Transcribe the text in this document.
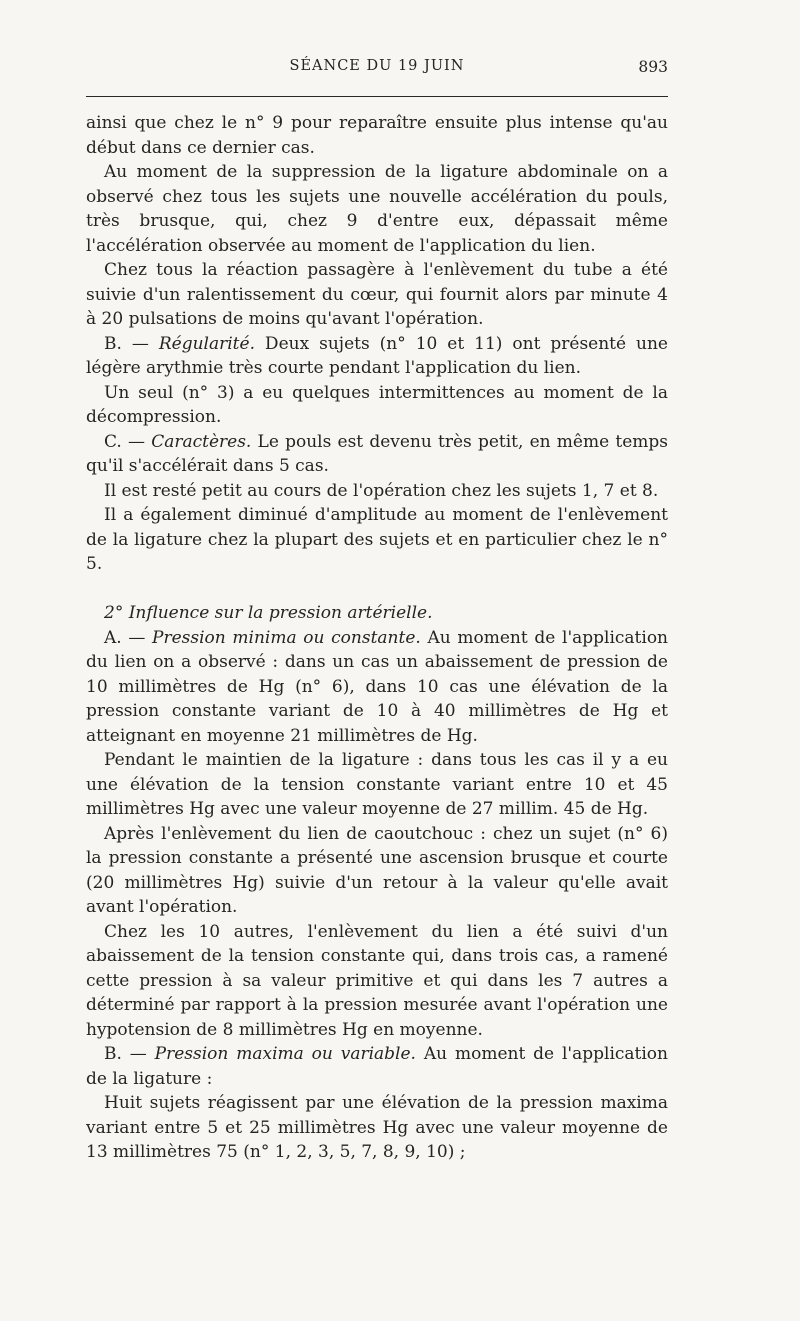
SÉANCE DU 19 JUIN	893

ainsi que chez le n° 9 pour reparaître ensuite plus intense qu'au début dans ce dernier cas.

Au moment de la suppression de la ligature abdominale on a observé chez tous les sujets une nouvelle accélération du pouls, très brusque, qui, chez 9 d'entre eux, dépassait même l'accélération observée au moment de l'application du lien.

Chez tous la réaction passagère à l'enlèvement du tube a été suivie d'un ralentissement du cœur, qui fournit alors par minute 4 à 20 pulsations de moins qu'avant l'opération.

B. — Régularité. Deux sujets (n° 10 et 11) ont présenté une légère arythmie très courte pendant l'application du lien.

Un seul (n° 3) a eu quelques intermittences au moment de la décompression.

C. — Caractères. Le pouls est devenu très petit, en même temps qu'il s'accélérait dans 5 cas.

Il est resté petit au cours de l'opération chez les sujets 1, 7 et 8.

Il a également diminué d'amplitude au moment de l'enlèvement de la ligature chez la plupart des sujets et en particulier chez le n° 5.

2° Influence sur la pression artérielle.

A. — Pression minima ou constante. Au moment de l'application du lien on a observé : dans un cas un abaissement de pression de 10 millimètres de Hg (n° 6), dans 10 cas une élévation de la pression constante variant de 10 à 40 millimètres de Hg et atteignant en moyenne 21 millimètres de Hg.

Pendant le maintien de la ligature : dans tous les cas il y a eu une élévation de la tension constante variant entre 10 et 45 millimètres Hg avec une valeur moyenne de 27 millim. 45 de Hg.

Après l'enlèvement du lien de caoutchouc : chez un sujet (n° 6) la pression constante a présenté une ascension brusque et courte (20 millimètres Hg) suivie d'un retour à la valeur qu'elle avait avant l'opération.

Chez les 10 autres, l'enlèvement du lien a été suivi d'un abaissement de la tension constante qui, dans trois cas, a ramené cette pression à sa valeur primitive et qui dans les 7 autres a déterminé par rapport à la pression mesurée avant l'opération une hypotension de 8 millimètres Hg en moyenne.

B. — Pression maxima ou variable. Au moment de l'application de la ligature :

Huit sujets réagissent par une élévation de la pression maxima variant entre 5 et 25 millimètres Hg avec une valeur moyenne de 13 millimètres 75 (n° 1, 2, 3, 5, 7, 8, 9, 10) ;
